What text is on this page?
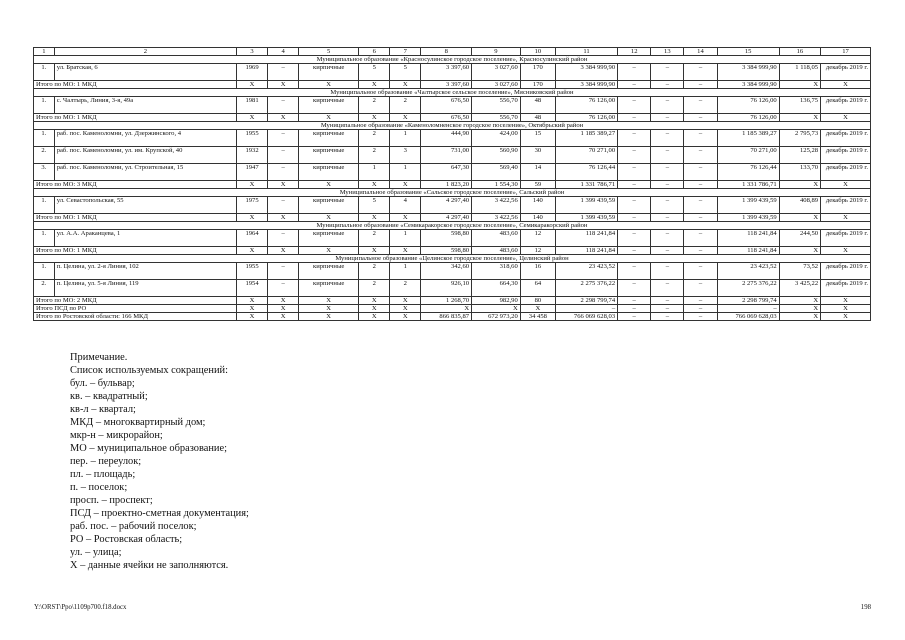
1	2	3	4	5	6	7	8	9	10	11	12	13	14	15	16	17
Муниципальное образование «Красносулинское городское поселение», Красносулинский район																
1.	ул. Братская, 6	1969	–	кирпичные	5	5	3 397,60	3 027,60	170	3 384 999,90	–	–	–	3 384 999,90	1 118,05	декабрь 2019 г.
Итого по МО: 1 МКД		Х	Х	Х	Х	Х	3 397,60	3 027,60	170	3 384 999,90	–	–	–	3 384 999,90	Х	Х
Муниципальное образование «Чалтырское сельское поселение», Мясниковский район																
1.	с. Чалтырь, Линия, 3-я, 49а	1981	–	кирпичные	2	2	676,50	556,70	48	76 126,00	–	–	–	76 126,00	136,75	декабрь 2019 г.
Итого по МО: 1 МКД		Х	Х	Х	Х	Х	676,50	556,70	48	76 126,00	–	–	–	76 126,00	Х	Х
Муниципальное образование «Каменоломненское городское поселение», Октябрьский район																
1.	раб. пос. Каменоломни, ул. Дзержинского, 4	1955	–	кирпичные	2	1	444,90	424,00	15	1 185 389,27	–	–	–	1 185 389,27	2 795,73	декабрь 2019 г.
2.	раб. пос. Каменоломни, ул. им. Крупской, 40	1932	–	кирпичные	2	3	731,00	560,90	30	70 271,00	–	–	–	70 271,00	125,28	декабрь 2019 г.
3.	раб. пос. Каменоломни, ул. Строительная, 15	1947	–	кирпичные	1	1	647,30	569,40	14	76 126,44	–	–	–	76 126,44	133,70	декабрь 2019 г.
Итого по МО: 3 МКД		Х	Х	Х	Х	Х	1 823,20	1 554,30	59	1 331 786,71	–	–	–	1 331 786,71	Х	Х
Муниципальное образование «Сальское городское поселение», Сальский район																
1.	ул. Севастопольская, 55	1975	–	кирпичные	5	4	4 297,40	3 422,56	140	1 399 439,59	–	–	–	1 399 439,59	408,89	декабрь 2019 г.
Итого по МО: 1 МКД		Х	Х	Х	Х	Х	4 297,40	3 422,56	140	1 399 439,59	–	–	–	1 399 439,59	Х	Х
Муниципальное образование «Семикаракорское городское поселение», Семикаракорский район																
1.	ул. А.А. Араканцева, 1	1964	–	кирпичные	2	1	598,80	483,60	12	118 241,84	–	–	–	118 241,84	244,50	декабрь 2019 г.
Итого по МО: 1 МКД		Х	Х	Х	Х	Х	598,80	483,60	12	118 241,84	–	–	–	118 241,84	Х	Х
Муниципальное образование «Целинское городское поселение», Целинский район																
1.	п. Целина, ул. 2-я Линия, 102	1955	–	кирпичные	2	1	342,60	318,60	16	23 423,52	–	–	–	23 423,52	73,52	декабрь 2019 г.
2.	п. Целина, ул. 5-я Линия, 119	1954	–	кирпичные	2	2	926,10	664,30	64	2 275 376,22	–	–	–	2 275 376,22	3 425,22	декабрь 2019 г.
Итого по МО: 2 МКД		Х	Х	Х	Х	Х	1 268,70	982,90	80	2 298 799,74	–	–	–	2 298 799,74	Х	Х
Итого ПСД по РО		Х	Х	Х	Х	Х	Х	Х	Х	–	–	–	–	–	Х	Х
Итого по Ростовской области: 166 МКД		Х	Х	Х	Х	Х	866 835,87	672 973,20	34 458	766 069 628,03	–	–	–	766 069 628,03	Х	Х
Примечание.
Список используемых сокращений:
бул. – бульвар;
кв. – квадратный;
кв-л – квартал;
МКД – многоквартирный дом;
мкр-н – микрорайон;
МО – муниципальное образование;
пер. – переулок;
пл. – площадь;
п. – поселок;
просп. – проспект;
ПСД – проектно-сметная документация;
раб. пос. – рабочий поселок;
РО – Ростовская область;
ул. – улица;
Х – данные ячейки не заполняются.
Y:\ORST\Ppo\1109p700.f18.docx	198
